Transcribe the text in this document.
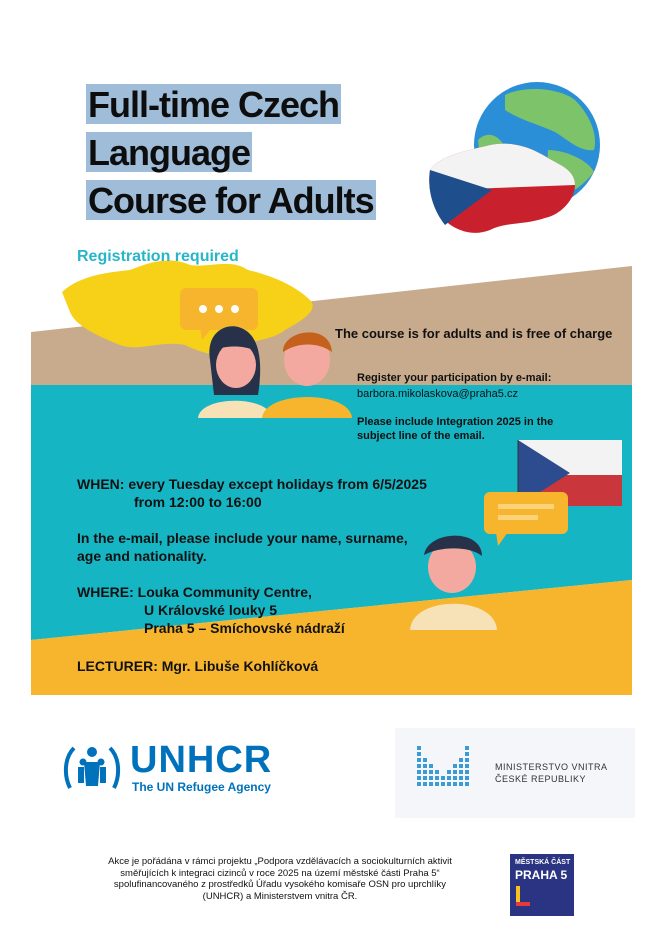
Full-time Czech
Language
Course for Adults
Registration required
The course is for adults and is free of charge
Register your participation by e-mail:
barbora.mikolaskova@praha5.cz
Please include Integration 2025 in the
subject line of the email.
WHEN: every Tuesday except holidays from 6/5/2025
from 12:00 to 16:00
In the e-mail, please include your name, surname,
age and nationality.
WHERE: Louka Community Centre,
U Královské louky 5
Praha 5 – Smíchovské nádraží
LECTURER: Mgr. Libuše Kohlíčková
UNHCR
The UN Refugee Agency
MINISTERSTVO VNITRA
ČESKÉ REPUBLIKY
Akce je pořádána v rámci projektu „Podpora vzdělávacích a sociokulturních aktivit
směřujících k integraci cizinců v roce 2025 na území městské části Praha 5“
spolufinancovaného z prostředků Úřadu vysokého komisaře OSN pro uprchlíky
(UNHCR) a Ministerstvem vnitra ČR.
MĚSTSKÁ ČÁST
PRAHA 5
